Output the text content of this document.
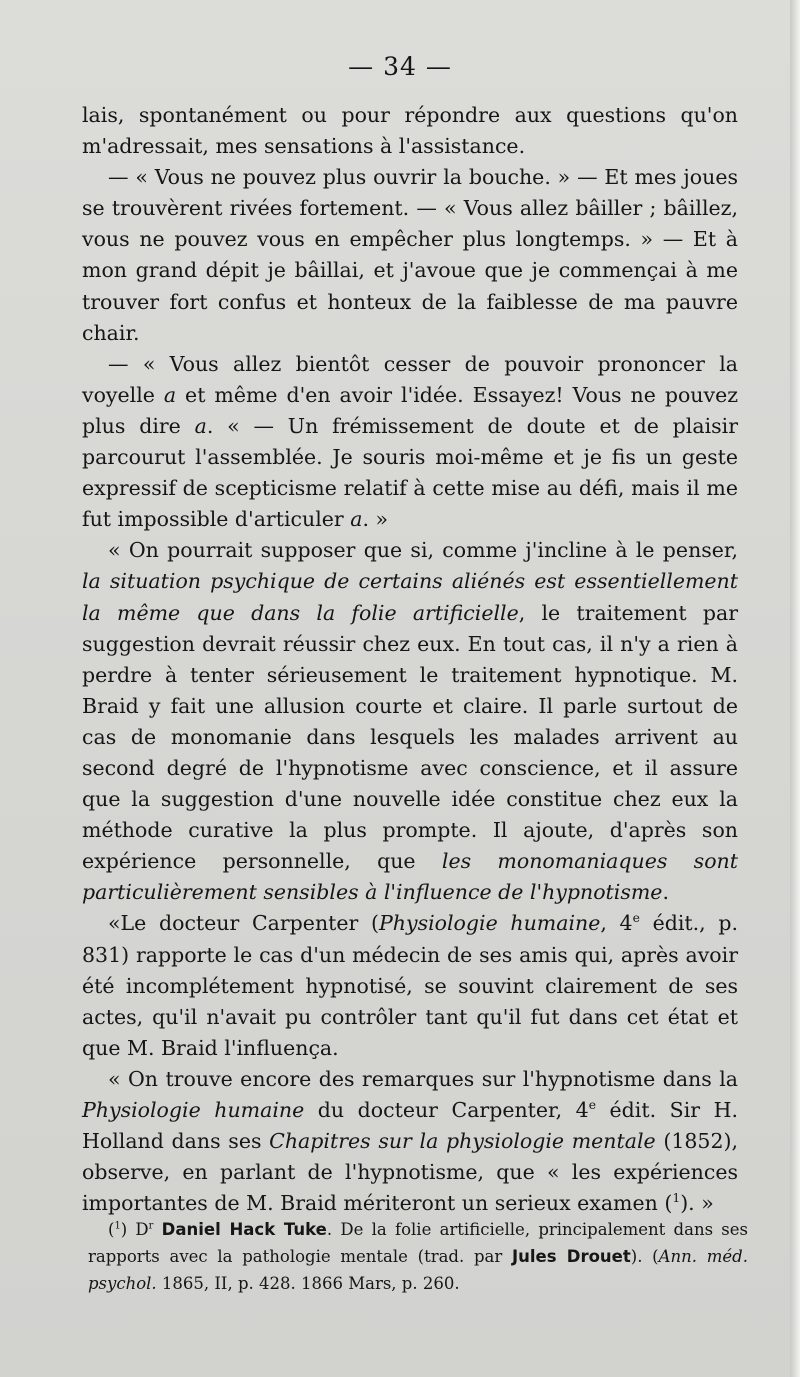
— 34 —

lais, spontanément ou pour répondre aux questions qu'on m'adressait, mes sensations à l'assistance.

— « Vous ne pouvez plus ouvrir la bouche. » — Et mes joues se trouvèrent rivées fortement. — « Vous allez bâiller ; bâillez, vous ne pouvez vous en empêcher plus longtemps. » — Et à mon grand dépit je bâillai, et j'avoue que je commençai à me trouver fort confus et honteux de la faiblesse de ma pauvre chair.

— « Vous allez bientôt cesser de pouvoir prononcer la voyelle a et même d'en avoir l'idée. Essayez! Vous ne pouvez plus dire a. « — Un frémissement de doute et de plaisir parcourut l'assemblée. Je souris moi-même et je fis un geste expressif de scepticisme relatif à cette mise au défi, mais il me fut impossible d'articuler a. »

« On pourrait supposer que si, comme j'incline à le penser, la situation psychique de certains aliénés est essentiellement la même que dans la folie artificielle, le traitement par suggestion devrait réussir chez eux. En tout cas, il n'y a rien à perdre à tenter sérieusement le traitement hypnotique. M. Braid y fait une allusion courte et claire. Il parle surtout de cas de monomanie dans lesquels les malades arrivent au second degré de l'hypnotisme avec conscience, et il assure que la suggestion d'une nouvelle idée constitue chez eux la méthode curative la plus prompte. Il ajoute, d'après son expérience personnelle, que les monomaniaques sont particulièrement sensibles à l'influence de l'hypnotisme.

«Le docteur Carpenter (Physiologie humaine, 4e édit., p. 831) rapporte le cas d'un médecin de ses amis qui, après avoir été incomplétement hypnotisé, se souvint clairement de ses actes, qu'il n'avait pu contrôler tant qu'il fut dans cet état et que M. Braid l'influença.

« On trouve encore des remarques sur l'hypnotisme dans la Physiologie humaine du docteur Carpenter, 4e édit. Sir H. Holland dans ses Chapitres sur la physiologie mentale (1852), observe, en parlant de l'hypnotisme, que « les expériences importantes de M. Braid mériteront un serieux examen ($^1$). »

($^1$) $D^r$ Daniel Hack Tuke. De la folie artificielle, principalement dans ses rapports avec la pathologie mentale (trad. par Jules Drouet). (Ann. méd. psychol. 1865, II, p. 428. 1866 Mars, p. 260.
